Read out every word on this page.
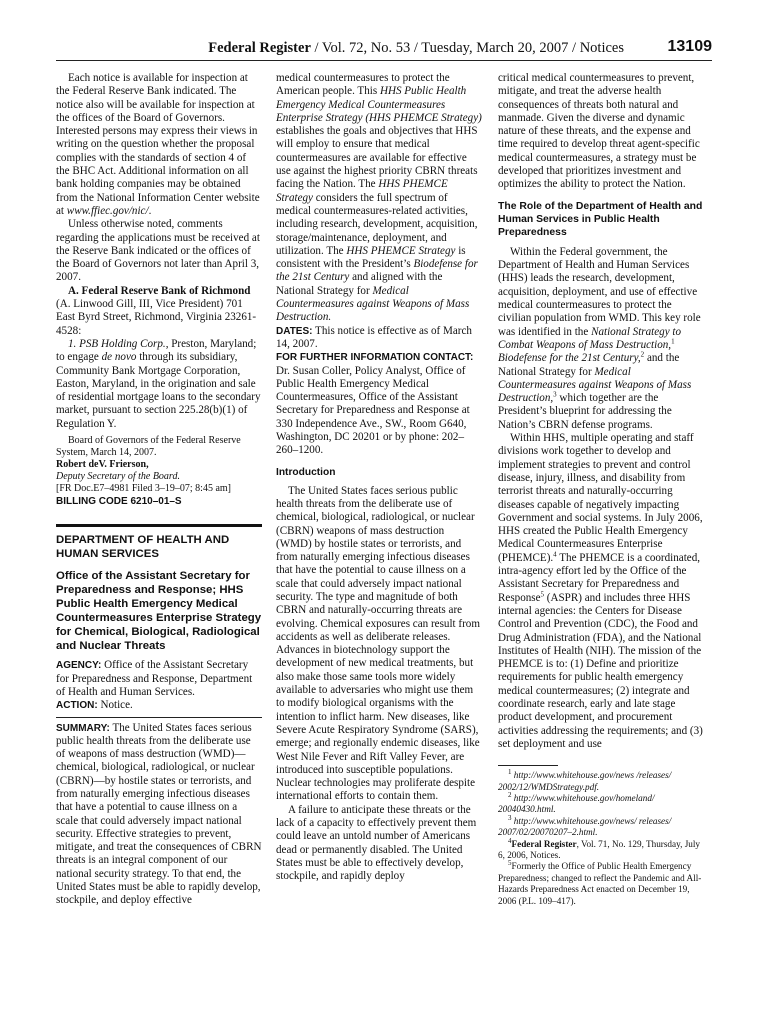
Federal Register / Vol. 72, No. 53 / Tuesday, March 20, 2007 / Notices	13109

Each notice is available for inspection at the Federal Reserve Bank indicated. The notice also will be available for inspection at the offices of the Board of Governors. Interested persons may express their views in writing on the question whether the proposal complies with the standards of section 4 of the BHC Act. Additional information on all bank holding companies may be obtained from the National Information Center website at www.ffiec.gov/nic/.

Unless otherwise noted, comments regarding the applications must be received at the Reserve Bank indicated or the offices of the Board of Governors not later than April 3, 2007.

A. Federal Reserve Bank of Richmond (A. Linwood Gill, III, Vice President) 701 East Byrd Street, Richmond, Virginia 23261-4528:

1. PSB Holding Corp., Preston, Maryland; to engage de novo through its subsidiary, Community Bank Mortgage Corporation, Easton, Maryland, in the origination and sale of residential mortgage loans to the secondary market, pursuant to section 225.28(b)(1) of Regulation Y.

Board of Governors of the Federal Reserve System, March 14, 2007.

Robert deV. Frierson,

Deputy Secretary of the Board.

[FR Doc.E7–4981 Filed 3–19–07; 8:45 am]

BILLING CODE 6210–01–S

DEPARTMENT OF HEALTH AND HUMAN SERVICES

Office of the Assistant Secretary for Preparedness and Response; HHS Public Health Emergency Medical Countermeasures Enterprise Strategy for Chemical, Biological, Radiological and Nuclear Threats

AGENCY: Office of the Assistant Secretary for Preparedness and Response, Department of Health and Human Services.

ACTION: Notice.

SUMMARY: The United States faces serious public health threats from the deliberate use of weapons of mass destruction (WMD)—chemical, biological, radiological, or nuclear (CBRN)—by hostile states or terrorists, and from naturally emerging infectious diseases that have a potential to cause illness on a scale that could adversely impact national security. Effective strategies to prevent, mitigate, and treat the consequences of CBRN threats is an integral component of our national security strategy. To that end, the United States must be able to rapidly develop, stockpile, and deploy effective

medical countermeasures to protect the American people. This HHS Public Health Emergency Medical Countermeasures Enterprise Strategy (HHS PHEMCE Strategy) establishes the goals and objectives that HHS will employ to ensure that medical countermeasures are available for effective use against the highest priority CBRN threats facing the Nation. The HHS PHEMCE Strategy considers the full spectrum of medical countermeasures-related activities, including research, development, acquisition, storage/maintenance, deployment, and utilization. The HHS PHEMCE Strategy is consistent with the President’s Biodefense for the 21st Century and aligned with the National Strategy for Medical Countermeasures against Weapons of Mass Destruction.

DATES: This notice is effective as of March 14, 2007.

FOR FURTHER INFORMATION CONTACT: Dr. Susan Coller, Policy Analyst, Office of Public Health Emergency Medical Countermeasures, Office of the Assistant Secretary for Preparedness and Response at 330 Independence Ave., SW., Room G640, Washington, DC 20201 or by phone: 202–260–1200.

Introduction

The United States faces serious public health threats from the deliberate use of chemical, biological, radiological, or nuclear (CBRN) weapons of mass destruction (WMD) by hostile states or terrorists, and from naturally emerging infectious diseases that have the potential to cause illness on a scale that could adversely impact national security. The type and magnitude of both CBRN and naturally-occurring threats are evolving. Chemical exposures can result from accidents as well as deliberate releases. Advances in biotechnology support the development of new medical treatments, but also make those same tools more widely available to adversaries who might use them to modify biological organisms with the intention to inflict harm. New diseases, like Severe Acute Respiratory Syndrome (SARS), emerge; and regionally endemic diseases, like West Nile Fever and Rift Valley Fever, are introduced into susceptible populations. Nuclear technologies may proliferate despite international efforts to contain them.

A failure to anticipate these threats or the lack of a capacity to effectively prevent them could leave an untold number of Americans dead or permanently disabled. The United States must be able to effectively develop, stockpile, and rapidly deploy

critical medical countermeasures to prevent, mitigate, and treat the adverse health consequences of threats both natural and manmade. Given the diverse and dynamic nature of these threats, and the expense and time required to develop threat agent-specific medical countermeasures, a strategy must be developed that prioritizes investment and optimizes the ability to protect the Nation.

The Role of the Department of Health and Human Services in Public Health Preparedness

Within the Federal government, the Department of Health and Human Services (HHS) leads the research, development, acquisition, deployment, and use of effective medical countermeasures to protect the civilian population from WMD. This key role was identified in the National Strategy to Combat Weapons of Mass Destruction,$^1$ Biodefense for the 21st Century,$^2$ and the National Strategy for Medical Countermeasures against Weapons of Mass Destruction,$^3$ which together are the President’s blueprint for addressing the Nation’s CBRN defense programs.

Within HHS, multiple operating and staff divisions work together to develop and implement strategies to prevent and control disease, injury, illness, and disability from terrorist threats and naturally-occurring diseases capable of negatively impacting Government and social systems. In July 2006, HHS created the Public Health Emergency Medical Countermeasures Enterprise (PHEMCE).$^4$ The PHEMCE is a coordinated, intra-agency effort led by the Office of the Assistant Secretary for Preparedness and Response$^5$ (ASPR) and includes three HHS internal agencies: the Centers for Disease Control and Prevention (CDC), the Food and Drug Administration (FDA), and the National Institutes of Health (NIH). The mission of the PHEMCE is to: (1) Define and prioritize requirements for public health emergency medical countermeasures; (2) integrate and coordinate research, early and late stage product development, and procurement activities addressing the requirements; and (3) set deployment and use

$^1$ http://www.whitehouse.gov/news /releases/ 2002/12/WMDStrategy.pdf.

$^2$ http://www.whitehouse.gov/homeland/ 20040430.html.

$^3$ http://www.whitehouse.gov/news/ releases/ 2007/02/20070207–2.html.

$^4$Federal Register, Vol. 71, No. 129, Thursday, July 6, 2006, Notices.

$^5$Formerly the Office of Public Health Emergency Preparedness; changed to reflect the Pandemic and All-Hazards Preparedness Act enacted on December 19, 2006 (P.L. 109–417).
